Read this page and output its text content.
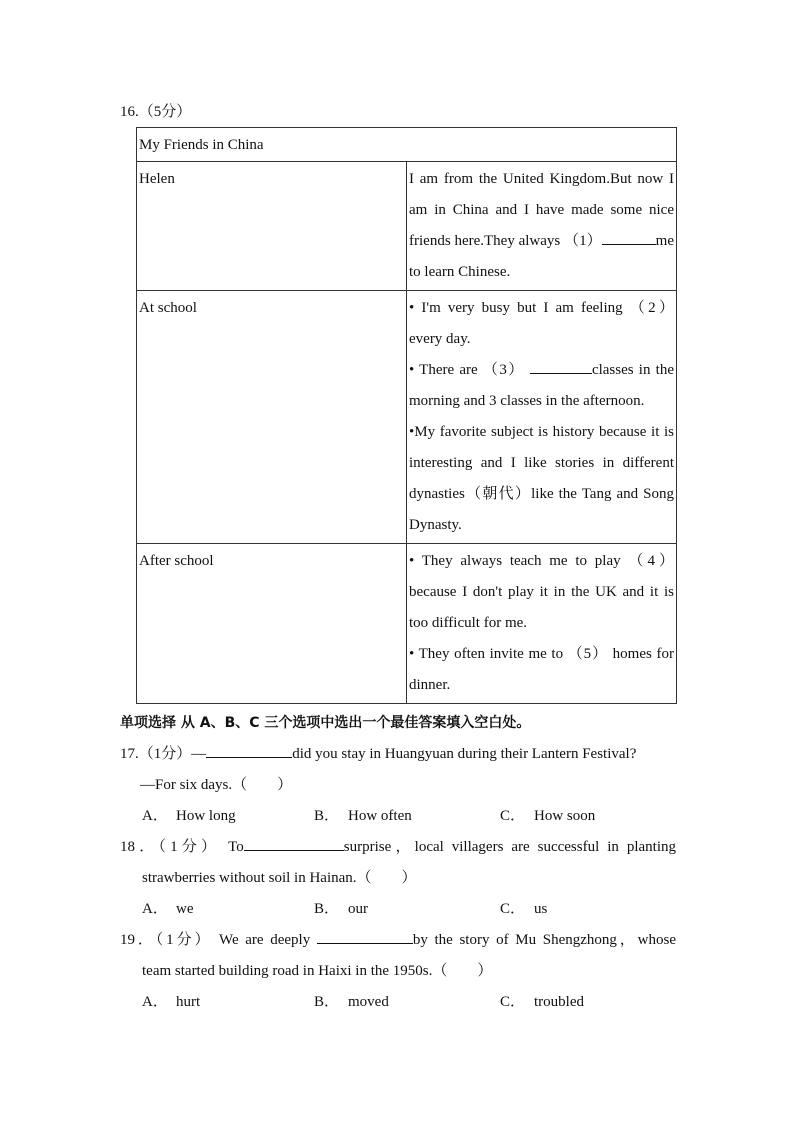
16.（5分）
My Friends in China	
Helen	I am from the United Kingdom.But now I am in China and I have made some nice friends here.They always （1） me to learn Chinese.
At school	• I'm very busy but I am feeling （2） every day.
• There are （3） classes in the morning and 3 classes in the afternoon.
•My favorite subject is history because it is interesting and I like stories in different dynasties（朝代）like the Tang and Song Dynasty.

After school	• They always teach me to play （4） because I don't play it in the UK and it is too difficult for me.
• They often invite me to （5） homes for dinner.
单项选择 从 A、B、C 三个选项中选出一个最佳答案填入空白处。
17.（1分）—	did you stay in Huangyuan during their Lantern Festival?
—For six days.（　　）
A． How long	B． How often	C． How soon
18．（1分） To	surprise，local villagers are successful in planting
strawberries without soil in Hainan.（　　）
A． we	B． our	C． us
19．（1分） We are deeply	by the story of Mu Shengzhong，whose
team started building road in Haixi in the 1950s.（　　）
A． hurt	B． moved	C． troubled
